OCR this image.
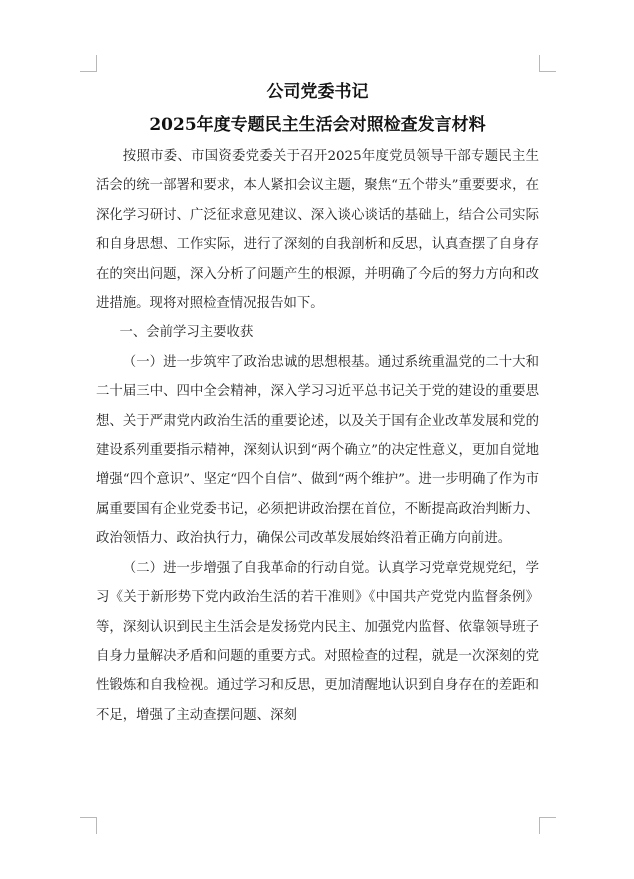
公司党委书记
2025年度专题民主生活会对照检查发言材料

按照市委、市国资委党委关于召开2025年度党员领导干部专题民主生活会的统一部署和要求，本人紧扣会议主题，聚焦“五个带头”重要要求，在深化学习研讨、广泛征求意见建议、深入谈心谈话的基础上，结合公司实际和自身思想、工作实际，进行了深刻的自我剖析和反思，认真查摆了自身存在的突出问题，深入分析了问题产生的根源，并明确了今后的努力方向和改进措施。现将对照检查情况报告如下。

一、会前学习主要收获

（一）进一步筑牢了政治忠诚的思想根基。通过系统重温党的二十大和二十届三中、四中全会精神，深入学习习近平总书记关于党的建设的重要思想、关于严肃党内政治生活的重要论述，以及关于国有企业改革发展和党的建设系列重要指示精神，深刻认识到“两个确立”的决定性意义，更加自觉地增强“四个意识”、坚定“四个自信”、做到“两个维护”。进一步明确了作为市属重要国有企业党委书记，必须把讲政治摆在首位，不断提高政治判断力、政治领悟力、政治执行力，确保公司改革发展始终沿着正确方向前进。

（二）进一步增强了自我革命的行动自觉。认真学习党章党规党纪，学习《关于新形势下党内政治生活的若干准则》《中国共产党党内监督条例》等，深刻认识到民主生活会是发扬党内民主、加强党内监督、依靠领导班子自身力量解决矛盾和问题的重要方式。对照检查的过程，就是一次深刻的党性锻炼和自我检视。通过学习和反思，更加清醒地认识到自身存在的差距和不足，增强了主动查摆问题、深刻
